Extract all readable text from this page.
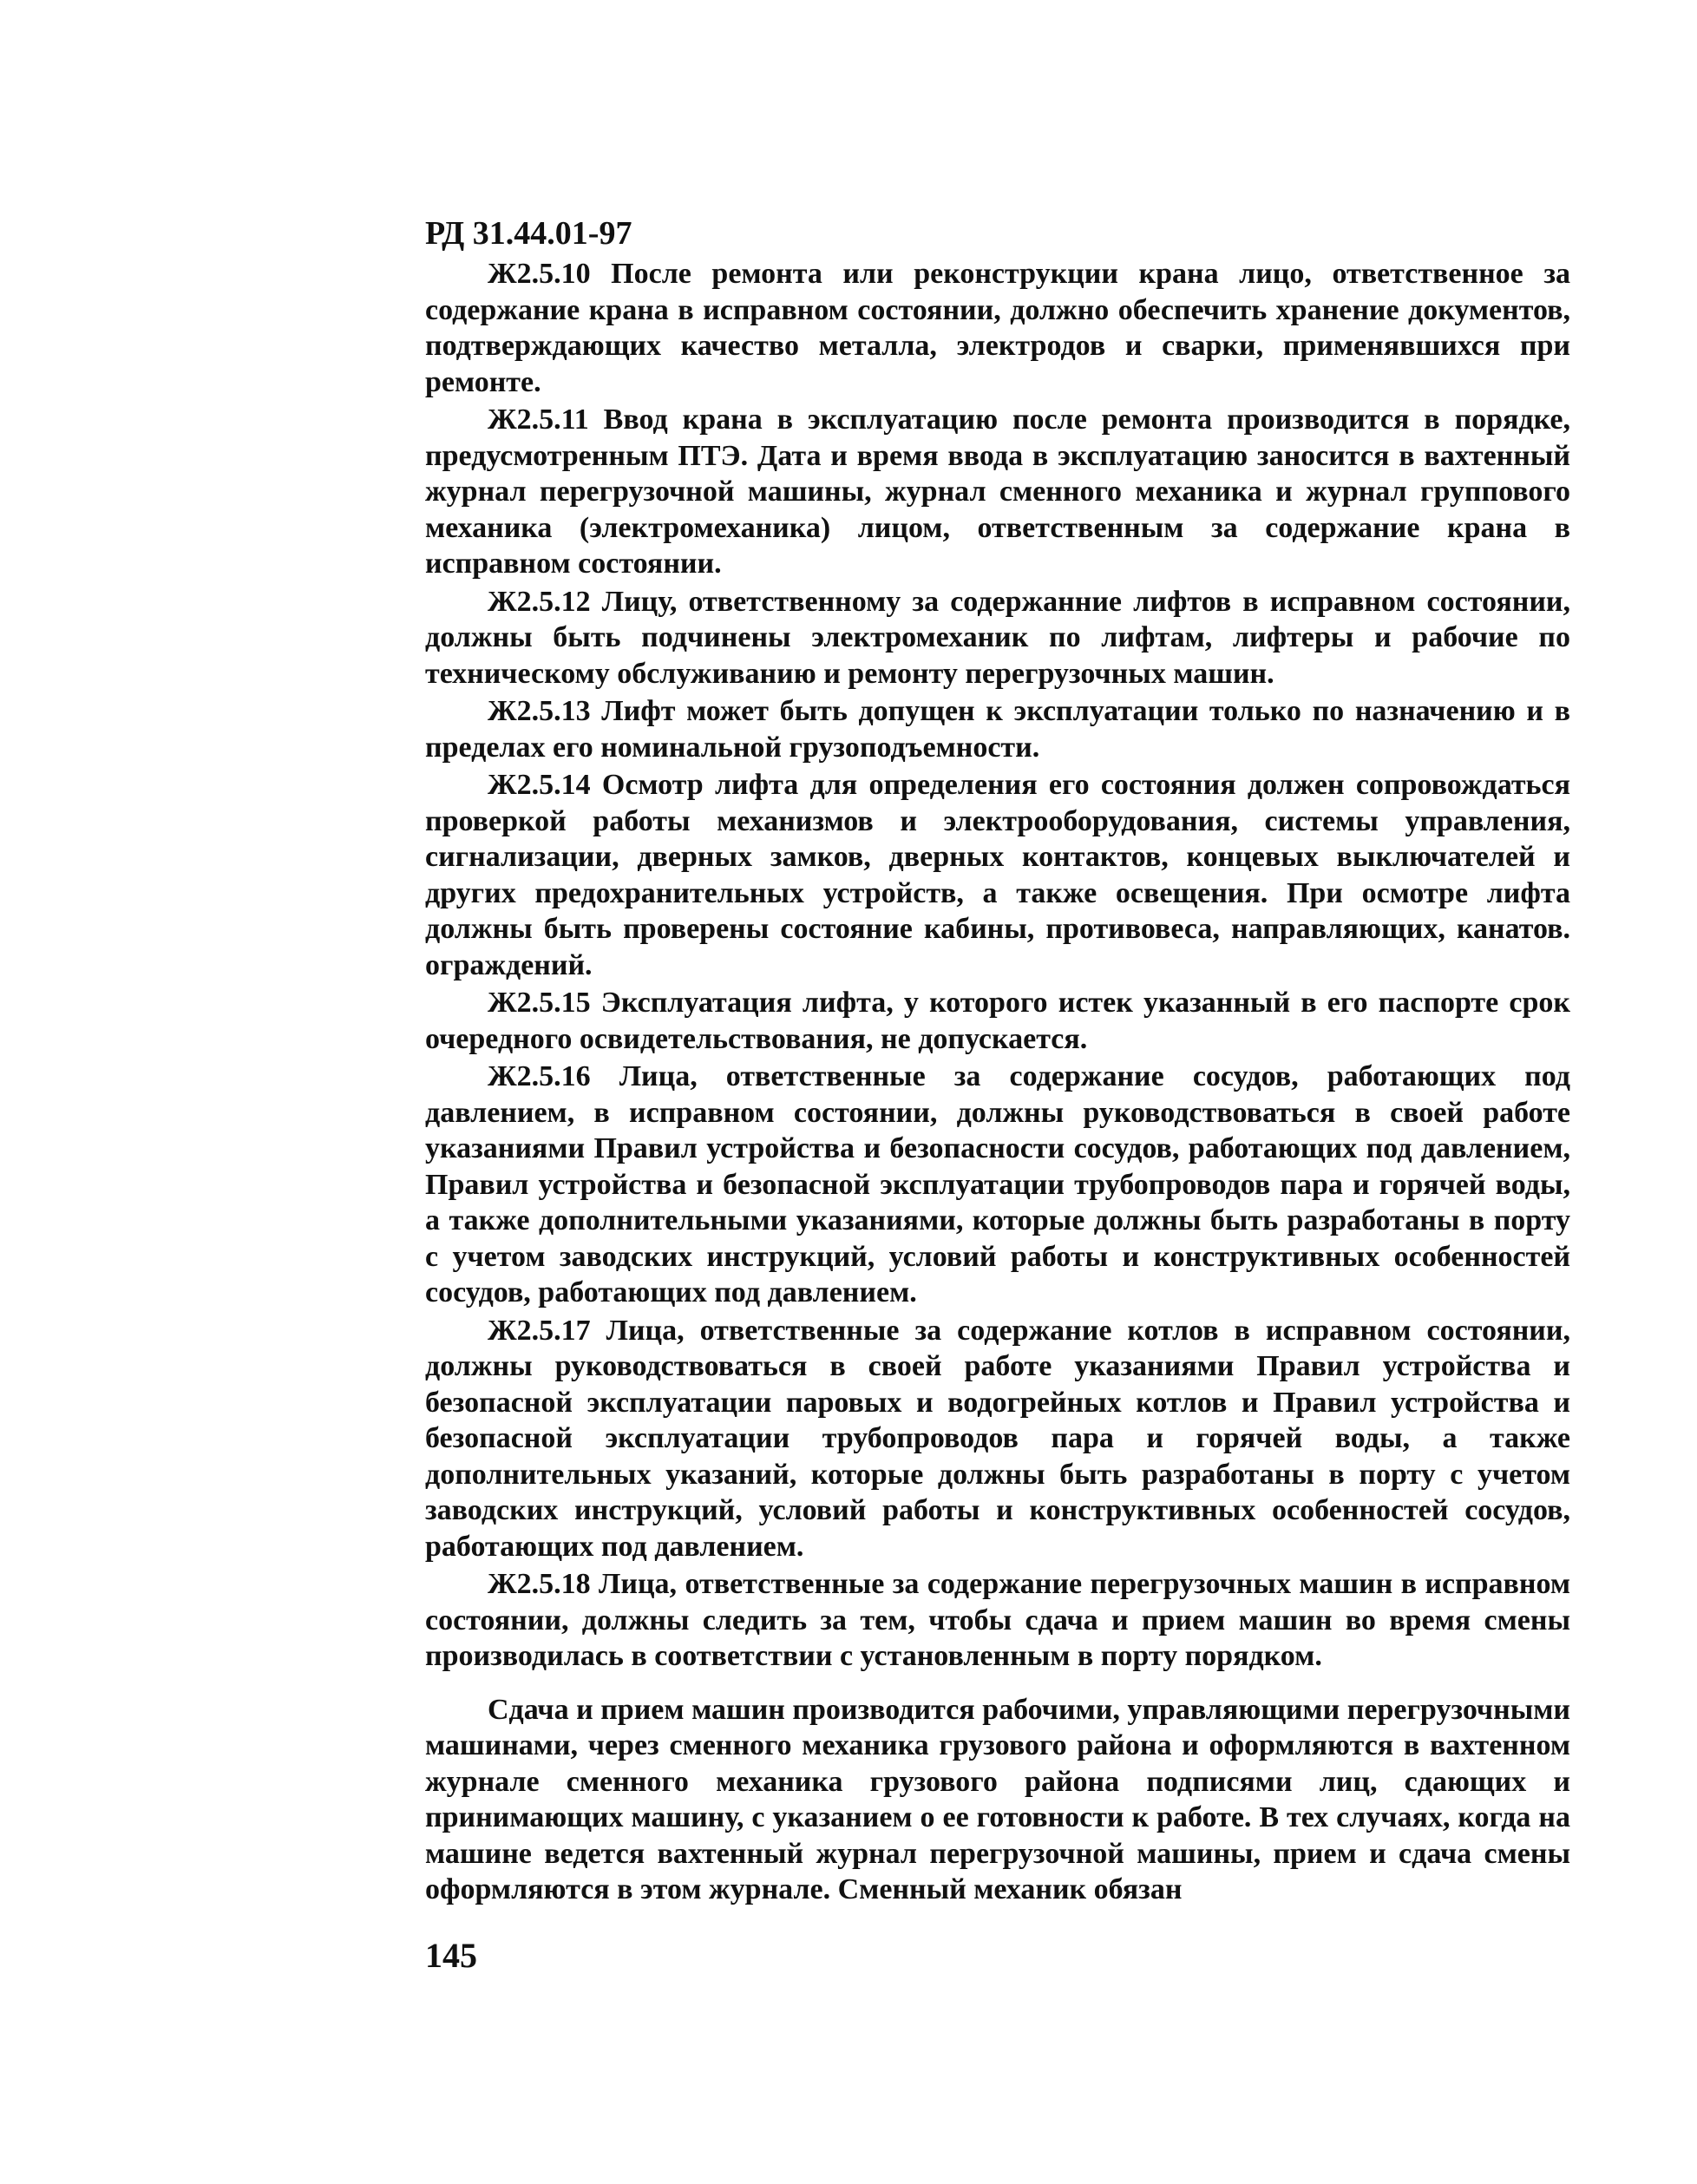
РД 31.44.01-97

Ж2.5.10 После ремонта или реконструкции крана лицо, ответственное за содержание крана в исправном состоянии, должно обеспечить хранение документов, подтверждающих качество металла, электродов и сварки, применявшихся при ремонте.

Ж2.5.11 Ввод крана в эксплуатацию после ремонта производится в порядке, предусмотренным ПТЭ. Дата и время ввода в эксплуатацию заносится в вахтенный журнал перегрузочной машины, журнал сменного механика и журнал группового механика (электромеханика) лицом, ответственным за содержание крана в исправном состоянии.

Ж2.5.12 Лицу, ответственному за содержанние лифтов в исправном состоянии, должны быть подчинены электромеханик по лифтам, лифтеры и рабочие по техническому обслуживанию и ремонту перегрузочных машин.

Ж2.5.13 Лифт может быть допущен к эксплуатации только по назначению и в пределах его номинальной грузоподъемности.

Ж2.5.14 Осмотр лифта для определения его состояния должен сопровождаться проверкой работы механизмов и электрооборудования, системы управления, сигнализации, дверных замков, дверных контактов, концевых выключателей и других предохранительных устройств, а также освещения. При осмотре лифта должны быть проверены состояние кабины, противовеса, направляющих, канатов. ограждений.

Ж2.5.15 Эксплуатация лифта, у которого истек указанный в его паспорте срок очередного освидетельствования, не допускается.

Ж2.5.16 Лица, ответственные за содержание сосудов, работающих под давлением, в исправном состоянии, должны руководствоваться в своей работе указаниями Правил устройства и безопасности сосудов, работающих под давлением, Правил устройства и безопасной эксплуатации трубопроводов пара и горячей воды, а также дополнительными указаниями, которые должны быть разработаны в порту с учетом заводских инструкций, условий работы и конструктивных особенностей сосудов, работающих под давлением.

Ж2.5.17 Лица, ответственные за содержание котлов в исправном состоянии, должны руководствоваться в своей работе указаниями Правил устройства и безопасной эксплуатации паровых и водогрейных котлов и Правил устройства и безопасной эксплуатации трубопроводов пара и горячей воды, а также дополнительных указаний, которые должны быть разработаны в порту с учетом заводских инструкций, условий работы и конструктивных особенностей сосудов, работающих под давлением.

Ж2.5.18 Лица, ответственные за содержание перегрузочных машин в исправном состоянии, должны следить за тем, чтобы сдача и прием машин во время смены производилась в соответствии с установленным в порту порядком.

Сдача и прием машин производится рабочими, управляющими перегрузочными машинами, через сменного механика грузового района и оформляются в вахтенном журнале сменного механика грузового района подписями лиц, сдающих и принимающих машину, с указанием о ее готовности к работе. В тех случаях, когда на машине ведется вахтенный журнал перегрузочной машины, прием и сдача смены оформляются в этом журнале. Сменный механик обязан

145
